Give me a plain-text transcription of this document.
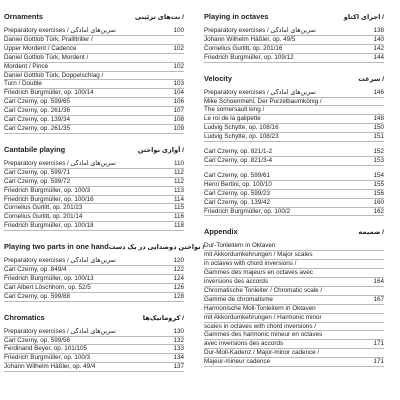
Ornaments	/ نت‌های تزئینی
Preparatory exercises / تمرین‌های آمادگی	100
Daniel Gottlob Türk, Prallltriller /
Upper Mordent / Cadence	102
Daniel Gottlob Türk, Mordent /
Mordent / Pincé	102
Daniel Gottlob Türk, Doppelschlag /
Turn / Double	103
Friedrich Burgmüller, op. 100/14	104
Carl Czerny, op. 599/65	106
Carl Czerny, op. 261/36	107
Carl Czerny, op. 139/34	108
Carl Czerny, op. 261/35	109
Cantabile playing	/ آوازی نواختن
Preparatory exercises / تمرین‌های آمادگی	110
Carl Czerny, op. 599/71	112
Carl Czerny, op. 599/72	112
Friedrich Burgmüller, op. 100/3	113
Friedrich Burgmüller, op. 100/16	114
Cornelius Gurlitt, op. 201/23	115
Cornelius Gurlitt, op. 201/14	116
Friedrich Burgmüller, op. 100/18	118
Playing two parts in one hand / نواختن دوصدایی در یک دست
Preparatory exercises / تمرین‌های آمادگی	120
Carl Czerny, op. 849/4	122
Friedrich Burgmüller, op. 100/13	124
Carl Albert Löschhorn, op. 52/5	126
Carl Czerny, op. 599/88	128
Chromatics	/ کروماتیک‌ها
Preparatory exercises / تمرین‌های آمادگی	130
Carl Czerny, op. 599/56	132
Ferdinand Beyer, op. 101/105	133
Friedrich Burgmüller, op. 100/3	134
Johann Wilhelm Häßler, op. 49/4	137
Playing in octaves	/ اجرای اکتاو
Preparatory exercises / تمرین‌های آمادگی	138
Johann Wilhelm Häßler, op. 49/5	140
Cornelius Gurlitt, op. 201/16	142
Friedrich Burgmüller, op. 109/12	144
Velocity	/ سرعت
Preparatory exercises / تمرین‌های آمادگی	146
Mike Schoenmehl, Der Purzelbaumkönig /
The somersault king /
Le roi de la galipette	148
Ludvig Schytte, op. 108/16	150
Ludvig Schytte, op. 108/23	151
Carl Czerny, op. 821/1-2	152
Carl Czerny, op. 821/3-4	153
Carl Czerny, op. 599/61	154
Henri Bertini, op. 100/10	155
Carl Czerny, op. 599/23	156
Carl Czerny, op. 139/42	160
Friedrich Burgmüller, op. 100/2	162
Appendix	/ ضمیمه
Dur-Tonleitern in Oktaven
mit Akkordumkehrungen / Major scales
in octaves with chord inversions /
Gammes des majeurs en octaves avec
inversions des accords	164
Chromatische Tonleiter / Chromatic scale /
Gamme de chromatisme	167
Harmonische Moll-Tonleitern in Oktaven
mit Akkordumkehrungen / Harmonic minor
scales in octaves with chord inversions /
Gammes des harmonic mineur en octaves
avec inversions des accords	171
Dur-Moll-Kadenz / Major-minor cadence /
Majeur-mineur cadence	171
